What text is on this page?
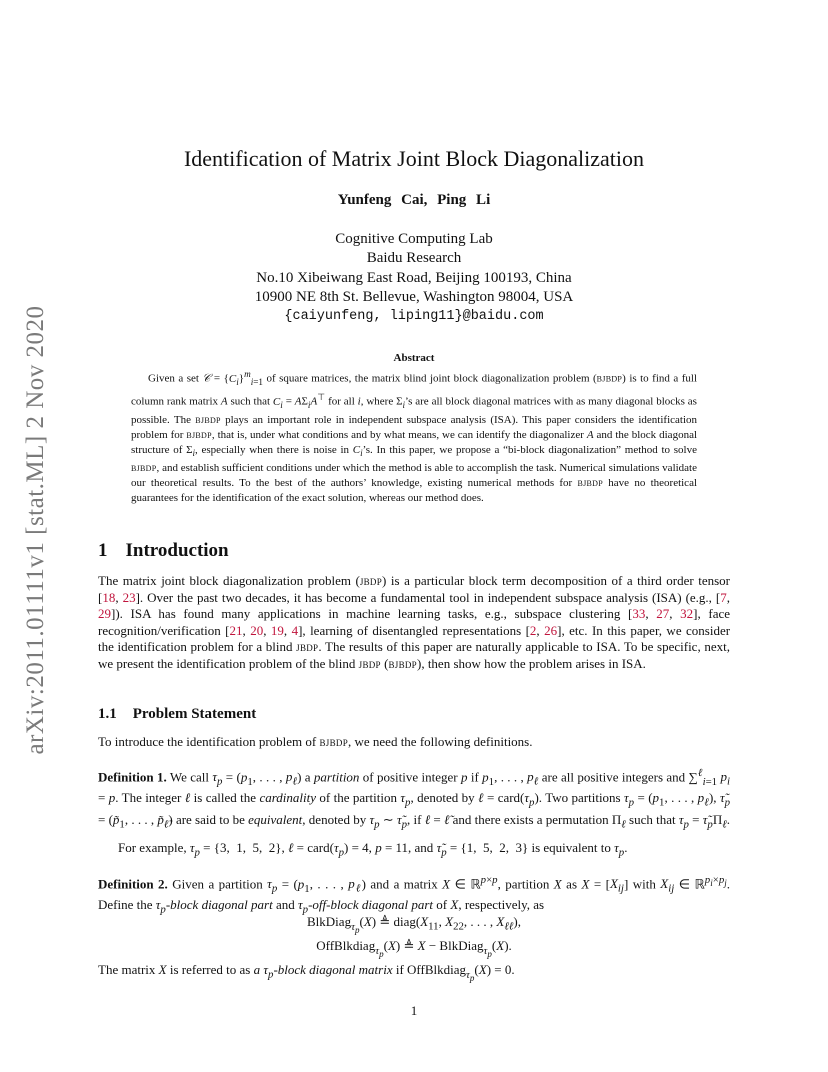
arXiv:2011.01111v1 [stat.ML] 2 Nov 2020
Identification of Matrix Joint Block Diagonalization
Yunfeng Cai, Ping Li
Cognitive Computing Lab
Baidu Research
No.10 Xibeiwang East Road, Beijing 100193, China
10900 NE 8th St. Bellevue, Washington 98004, USA
{caiyunfeng, liping11}@baidu.com
Abstract

Given a set 𝒞 = $\{C_i\}^m_{i=1}$ of square matrices, the matrix blind joint block diagonalization problem (bjbdp) is to find a full column rank matrix A such that $C_i = A\Sigma_iA^⊤$ for all i, where $\Sigma_i’s$ are all block diagonal matrices with as many diagonal blocks as possible. The bjbdp plays an important role in independent subspace analysis (ISA). This paper considers the identification problem for bjbdp, that is, under what conditions and by what means, we can identify the diagonalizer A and the block diagonal structure of $\Sigma_i$, especially when there is noise in $C_i’s$. In this paper, we propose a “bi-block diagonalization” method to solve bjbdp, and establish sufficient conditions under which the method is able to accomplish the task. Numerical simulations validate our theoretical results. To the best of the authors’ knowledge, existing numerical methods for bjbdp have no theoretical guarantees for the identification of the exact solution, whereas our method does.

1 Introduction

The matrix joint block diagonalization problem (jbdp) is a particular block term decomposition of a third order tensor [18, 23]. Over the past two decades, it has become a fundamental tool in independent subspace analysis (ISA) (e.g., [7, 29]). ISA has found many applications in machine learning tasks, e.g., subspace clustering [33, 27, 32], face recognition/verification [21, 20, 19, 4], learning of disentangled representations [2, 26], etc. In this paper, we consider the identification problem for a blind jbdp. The results of this paper are naturally applicable to ISA. To be specific, next, we present the identification problem of the blind jbdp (bjbdp), then show how the problem arises in ISA.

1.1 Problem Statement

To introduce the identification problem of bjbdp, we need the following definitions.

Definition 1. We call $\tau_p = (p_1$, . . . , $p_\ell$) a partition of positive integer p if $p_1$, . . . , $p_\ell$ are all positive integers and ∑$^\ell_{i=1}$ $p_i = p$. The integer ℓ is called the cardinality of the partition $\tau_p$, denoted by ℓ = $card(\tau_p)$. Two partitions $\tau_p = (p_1$, . . . , $p_\ell$), $\taũ_p$ = ($p̃_1$, . . . , $p̃_{\ell̃}$) are said to be equivalent, denoted by $\tau_p$ ∼ $\taũ_p$, if ℓ = ℓ̃ and there exists a permutation $\Pi_\ell$ such that $\tau_p$ = $\taũ_p\Pi_\ell$.

For example, $\tau_p = \{3$,  1,  5,  2}, ℓ = $card(\tau_p) = 4$, p = 11, and $\taũ_p = \{1$,  5,  2,  3} is equivalent to $\tau_p$.

Definition 2. Given a partition $\tau_p = (p_1$, . . . , $p_\ell$) and a matrix X ∈ ℝ$^{p\times p}$, partition X as $X = [X_{ij}]$ with $X_{ij}$ ∈ ℝ$^{p_i\times p_j}$. Define the $\tau_p$-block diagonal part and $\tau_p-off$-block diagonal part of X, respectively, as

BlkDiag$_{\tau_p}$(X) ≜ $diag(X_{11}$, $X_{22}$, . . . , $X_{\ell\ell}$),
OffBlkdiag$_{\tau_p}$(X) ≜ X − BlkDiag$_{\tau_p}$(X).

The matrix X is referred to as a $\tau_p$-block diagonal matrix if OffBlkdiag$_{\tau_p}$(X) = 0.

1
